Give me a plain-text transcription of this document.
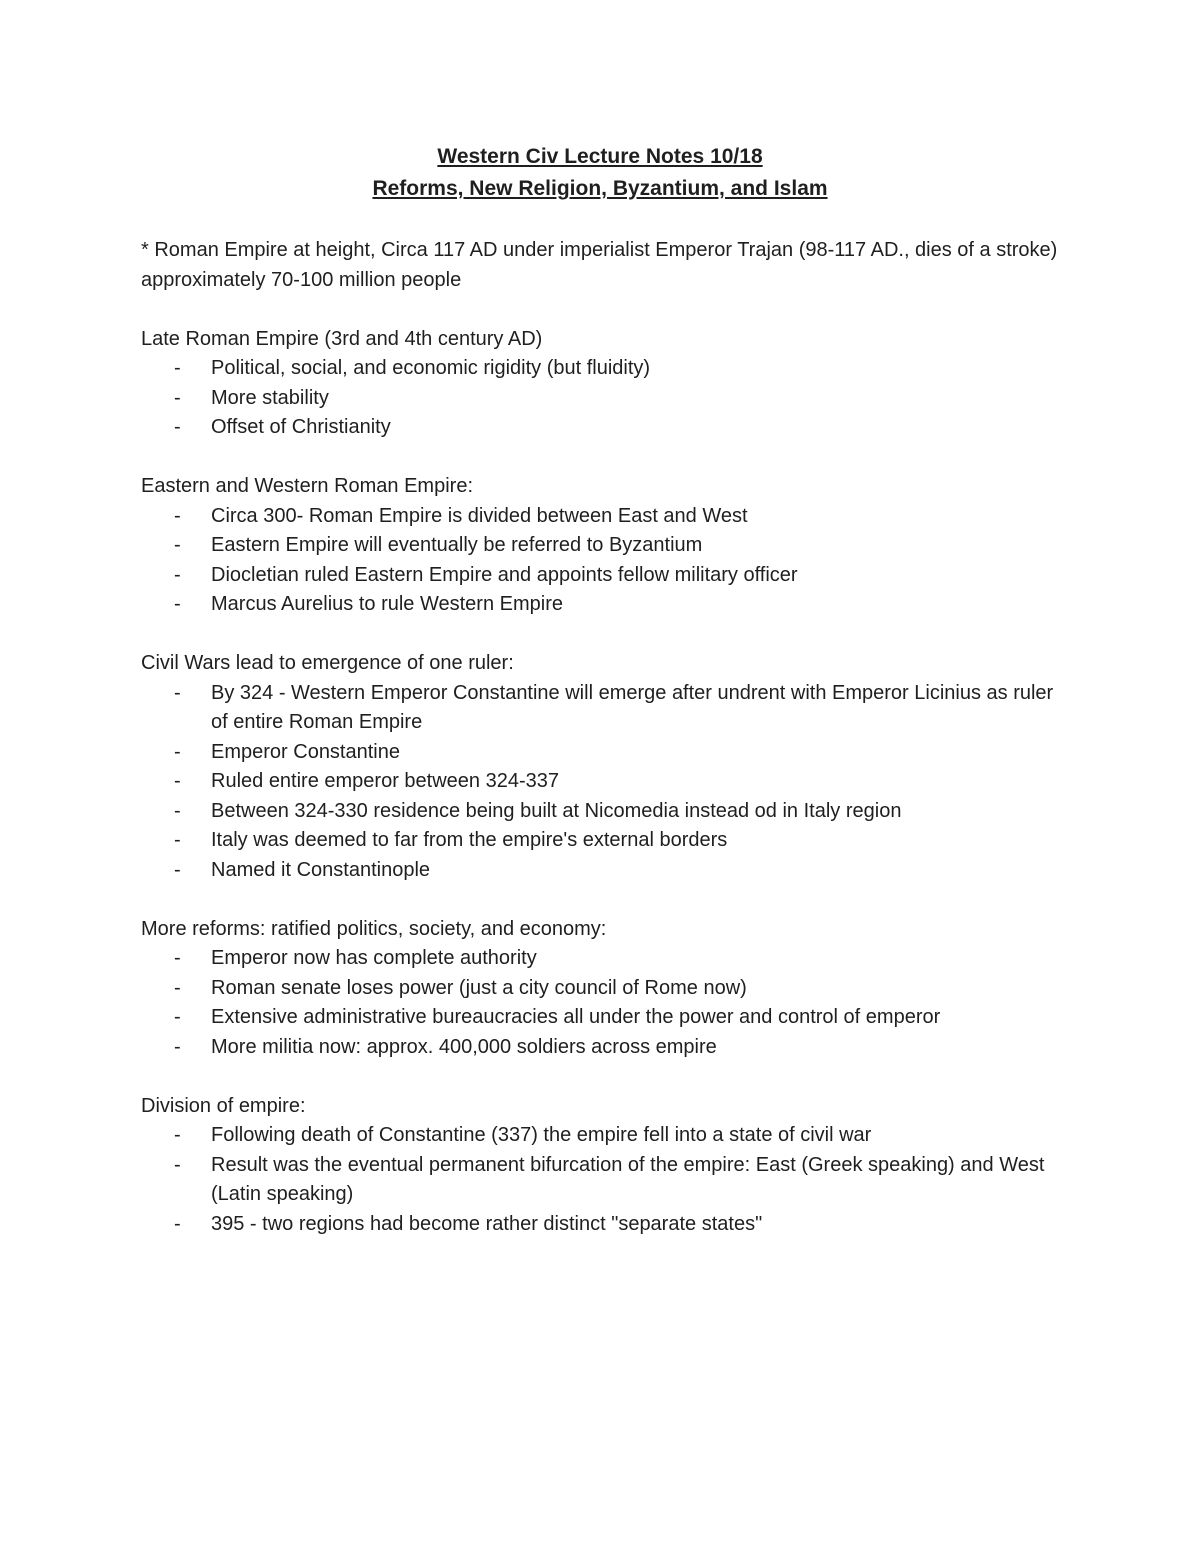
Western Civ Lecture Notes 10/18
Reforms, New Religion, Byzantium, and Islam

* Roman Empire at height, Circa 117 AD under imperialist Emperor Trajan (98-117 AD., dies of a stroke) approximately 70-100 million people

Late Roman Empire (3rd and 4th century AD)

- Political, social, and economic rigidity (but fluidity)
- More stability
- Offset of Christianity

Eastern and Western Roman Empire:

- Circa 300- Roman Empire is divided between East and West
- Eastern Empire will eventually be referred to Byzantium
- Diocletian ruled Eastern Empire and appoints fellow military officer
- Marcus Aurelius to rule Western Empire

Civil Wars lead to emergence of one ruler:

- By 324 - Western Emperor Constantine will emerge after undrent with Emperor Licinius as ruler of entire Roman Empire
- Emperor Constantine
- Ruled entire emperor between 324-337
- Between 324-330 residence being built at Nicomedia instead od in Italy region
- Italy was deemed to far from the empire's external borders
- Named it Constantinople

More reforms: ratified politics, society, and economy:

- Emperor now has complete authority
- Roman senate loses power (just a city council of Rome now)
- Extensive administrative bureaucracies all under the power and control of emperor
- More militia now: approx. 400,000 soldiers across empire

Division of empire:

- Following death of Constantine (337) the empire fell into a state of civil war
- Result was the eventual permanent bifurcation of the empire: East (Greek speaking) and West (Latin speaking)
- 395 - two regions had become rather distinct "separate states"
